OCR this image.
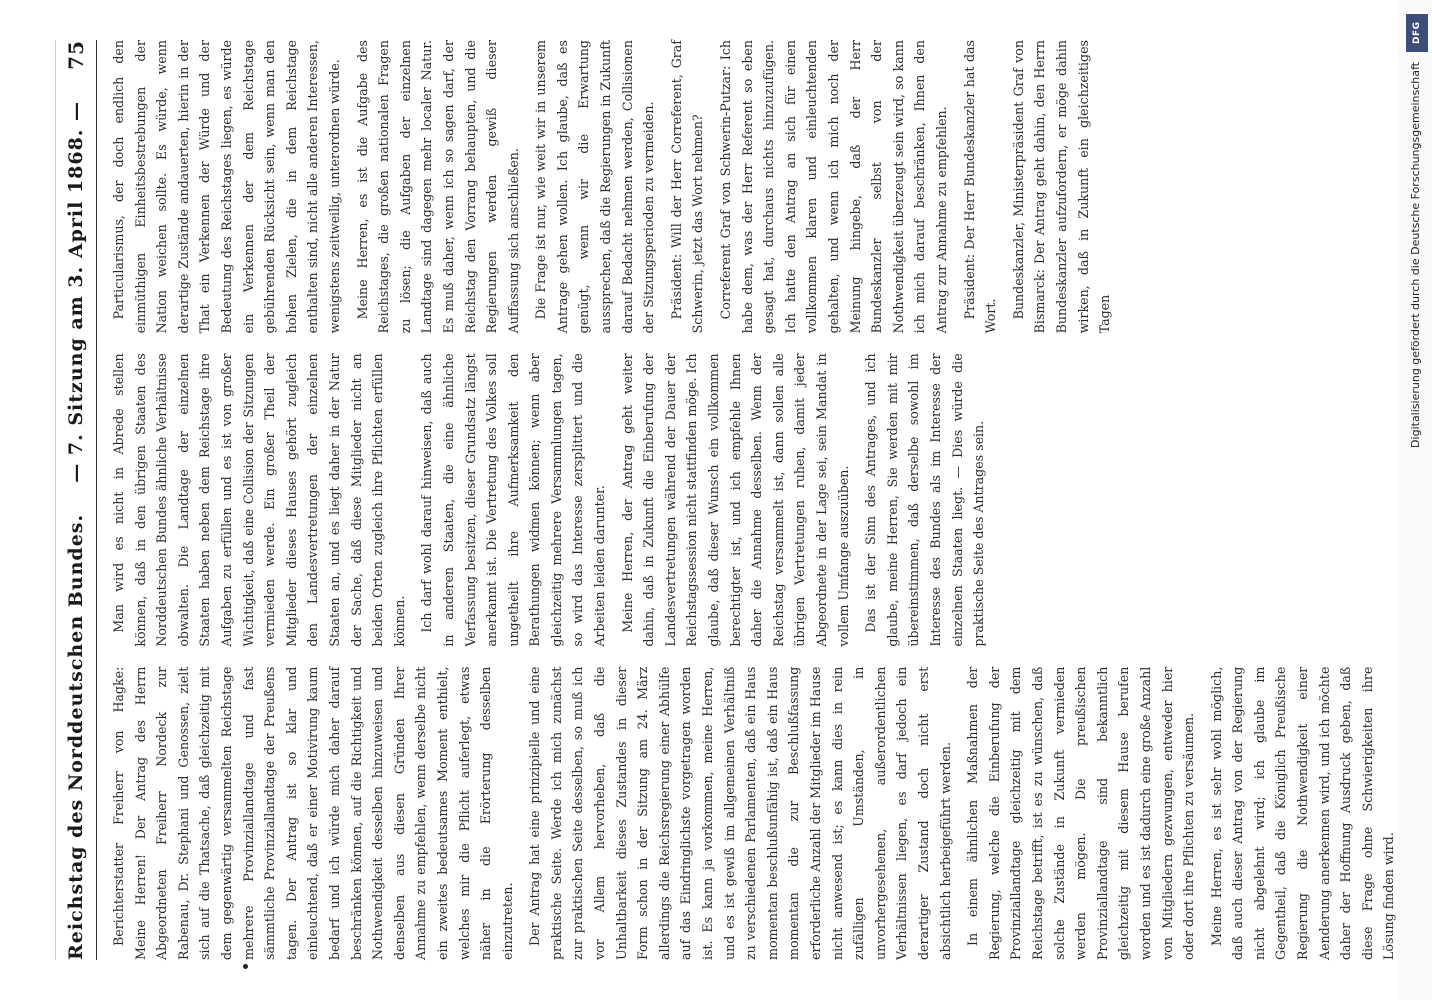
DFG
Digitalisierung gefördert durch die Deutsche Forschungsgemeinschaft
Reichstag des Norddeutschen Bundes.
— 7. Sitzung am 3. April 1868. —
75

Berichterstatter Freiherr von Hagke: Meine Herren! Der Antrag des Herrn Abgeordneten Freiherr Nordeck zur Rabenau, Dr. Stephani und Genossen, zielt sich auf die Thatsache, daß gleichzeitig mit dem gegenwärtig versammelten Reichstage mehrere Provinziallandtage und fast sämmtliche Provinziallandtage der Preußens tagen. Der Antrag ist so klar und einleuchtend, daß er einer Motivirung kaum bedarf und ich würde mich daher darauf beschränken können, auf die Richtigkeit und Nothwendigkeit desselben hinzuweisen und denselben aus diesen Gründen Ihrer Annahme zu empfehlen, wenn derselbe nicht ein zweites bedeutsames Moment enthielt, welches mir die Pflicht auferlegt, etwas näher in die Erörterung desselben einzutreten. Der Antrag hat eine prinzipielle und eine praktische Seite. Werde ich mich zunächst zur praktischen Seite desselben, so muß ich vor Allem hervorheben, daß die Unhaltbarkeit dieses Zustandes in dieser Form schon in der Sitzung am 24. März allerdings die Reichsregierung einer Abhülfe auf das Eindringlichste vorgetragen worden ist. Es kann ja vorkommen, meine Herren, und es ist gewiß im allgemeinen Verhältniß zu verschiedenen Parlamenten, daß ein Haus momentan beschlußunfähig ist, daß ein Haus momentan die zur Beschlußfassung erforderliche Anzahl der Mitglieder im Hause nicht anwesend ist; es kann dies in rein zufälligen Umständen, in unvorhergesehenen, außerordentlichen Verhältnissen liegen, es darf jedoch ein derartiger Zustand doch nicht erst absichtlich herbeigeführt werden. In einem ähnlichen Maßnahmen der Regierung, welche die Einberufung der Provinziallandtage gleichzeitig mit dem Reichstage betrifft, ist es zu wünschen, daß solche Zustände in Zukunft vermieden werden mögen. Die preußischen Provinziallandtage sind bekanntlich gleichzeitig mit diesem Hause berufen worden und es ist dadurch eine große Anzahl von Mitgliedern gezwungen, entweder hier oder dort ihre Pflichten zu versäumen. Meine Herren, es ist sehr wohl möglich, daß auch dieser Antrag von der Regierung nicht abgelehnt wird; ich glaube im Gegentheil, daß die Königlich Preußische Regierung die Nothwendigkeit einer Aenderung anerkennen wird, und ich möchte daher der Hoffnung Ausdruck geben, daß diese Frage ohne Schwierigkeiten ihre Lösung finden wird.

Man wird es nicht in Abrede stellen können, daß in den übrigen Staaten des Norddeutschen Bundes ähnliche Verhältnisse obwalten. Die Landtage der einzelnen Staaten haben neben dem Reichstage ihre Aufgaben zu erfüllen und es ist von großer Wichtigkeit, daß eine Collision der Sitzungen vermieden werde. Ein großer Theil der Mitglieder dieses Hauses gehört zugleich den Landesvertretungen der einzelnen Staaten an, und es liegt daher in der Natur der Sache, daß diese Mitglieder nicht an beiden Orten zugleich ihre Pflichten erfüllen können. Ich darf wohl darauf hinweisen, daß auch in anderen Staaten, die eine ähnliche Verfassung besitzen, dieser Grundsatz längst anerkannt ist. Die Vertretung des Volkes soll ungetheilt ihre Aufmerksamkeit den Berathungen widmen können; wenn aber gleichzeitig mehrere Versammlungen tagen, so wird das Interesse zersplittert und die Arbeiten leiden darunter. Meine Herren, der Antrag geht weiter dahin, daß in Zukunft die Einberufung der Landesvertretungen während der Dauer der Reichstagssession nicht stattfinden möge. Ich glaube, daß dieser Wunsch ein vollkommen berechtigter ist, und ich empfehle Ihnen daher die Annahme desselben. Wenn der Reichstag versammelt ist, dann sollen alle übrigen Vertretungen ruhen, damit jeder Abgeordnete in der Lage sei, sein Mandat in vollem Umfange auszuüben. Das ist der Sinn des Antrages, und ich glaube, meine Herren, Sie werden mit mir übereinstimmen, daß derselbe sowohl im Interesse des Bundes als im Interesse der einzelnen Staaten liegt. — Dies würde die praktische Seite des Antrages sein.

Particularismus, der doch endlich den einmüthigen Einheitsbestrebungen der Nation weichen sollte. Es würde, wenn derartige Zustände andauerten, hierin in der That ein Verkennen der Würde und der Bedeutung des Reichstages liegen, es würde ein Verkennen der dem Reichstage gebührenden Rücksicht sein, wenn man den hohen Zielen, die in dem Reichstage enthalten sind, nicht alle anderen Interessen, wenigstens zeitweilig, unterordnen würde. Meine Herren, es ist die Aufgabe des Reichstages, die großen nationalen Fragen zu lösen; die Aufgaben der einzelnen Landtage sind dagegen mehr localer Natur. Es muß daher, wenn ich so sagen darf, der Reichstag den Vorrang behaupten, und die Regierungen werden gewiß dieser Auffassung sich anschließen. Die Frage ist nur, wie weit wir in unserem Antrage gehen wollen. Ich glaube, daß es genügt, wenn wir die Erwartung aussprechen, daß die Regierungen in Zukunft darauf Bedacht nehmen werden, Collisionen der Sitzungsperioden zu vermeiden. Präsident: Will der Herr Correferent, Graf Schwerin, jetzt das Wort nehmen? Correferent Graf von Schwerin-Putzar: Ich habe dem, was der Herr Referent so eben gesagt hat, durchaus nichts hinzuzufügen. Ich hatte den Antrag an sich für einen vollkommen klaren und einleuchtenden gehalten, und wenn ich mich noch der Meinung hingebe, daß der Herr Bundeskanzler selbst von der Nothwendigkeit überzeugt sein wird, so kann ich mich darauf beschränken, Ihnen den Antrag zur Annahme zu empfehlen. Präsident: Der Herr Bundeskanzler hat das Wort. Bundeskanzler, Ministerpräsident Graf von Bismarck: Der Antrag geht dahin, den Herrn Bundeskanzler aufzufordern, er möge dahin wirken, daß in Zukunft ein gleichzeitiges Tagen
